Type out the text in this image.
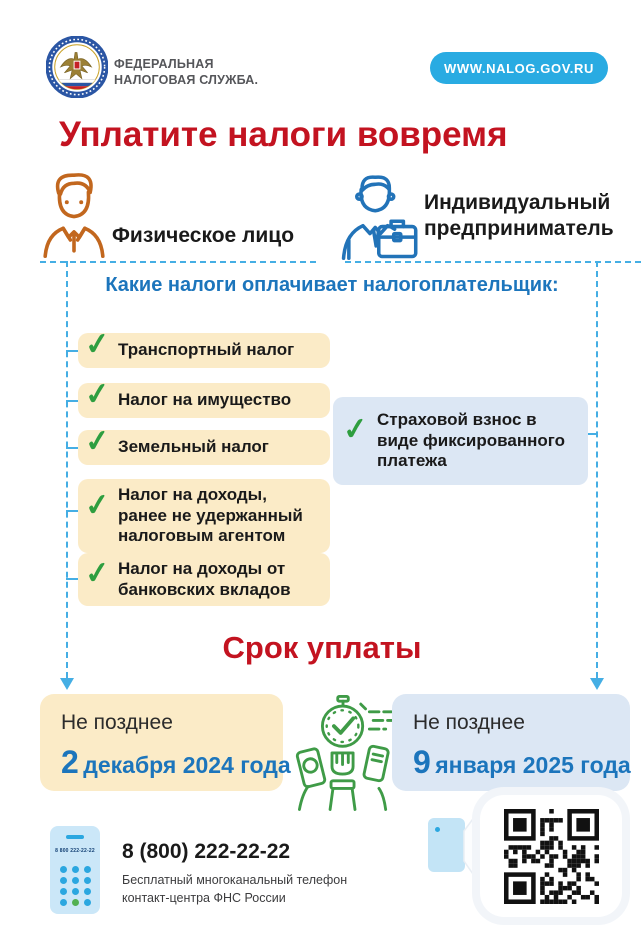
ФЕДЕРАЛЬНАЯ НАЛОГОВАЯ СЛУЖБА.
WWW.NALOG.GOV.RU
Уплатите налоги вовремя
Физическое лицо
Индивидуальный предприниматель
Какие налоги оплачивает налогоплательщик:
✓ Транспортный налог
✓ Налог на имущество
✓ Земельный налог
✓ Налог на доходы, ранее не удержанный налоговым агентом
✓ Налог на доходы от банковских вкладов
✓ Страховой взнос в виде фиксированного платежа
Срок уплаты
Не позднее
2 декабря 2024 года
Не позднее
9 января 2025 года
8 800 222-22-22 8 (800) 222-22-22
Бесплатный многоканальный телефон
контакт-центра ФНС России
